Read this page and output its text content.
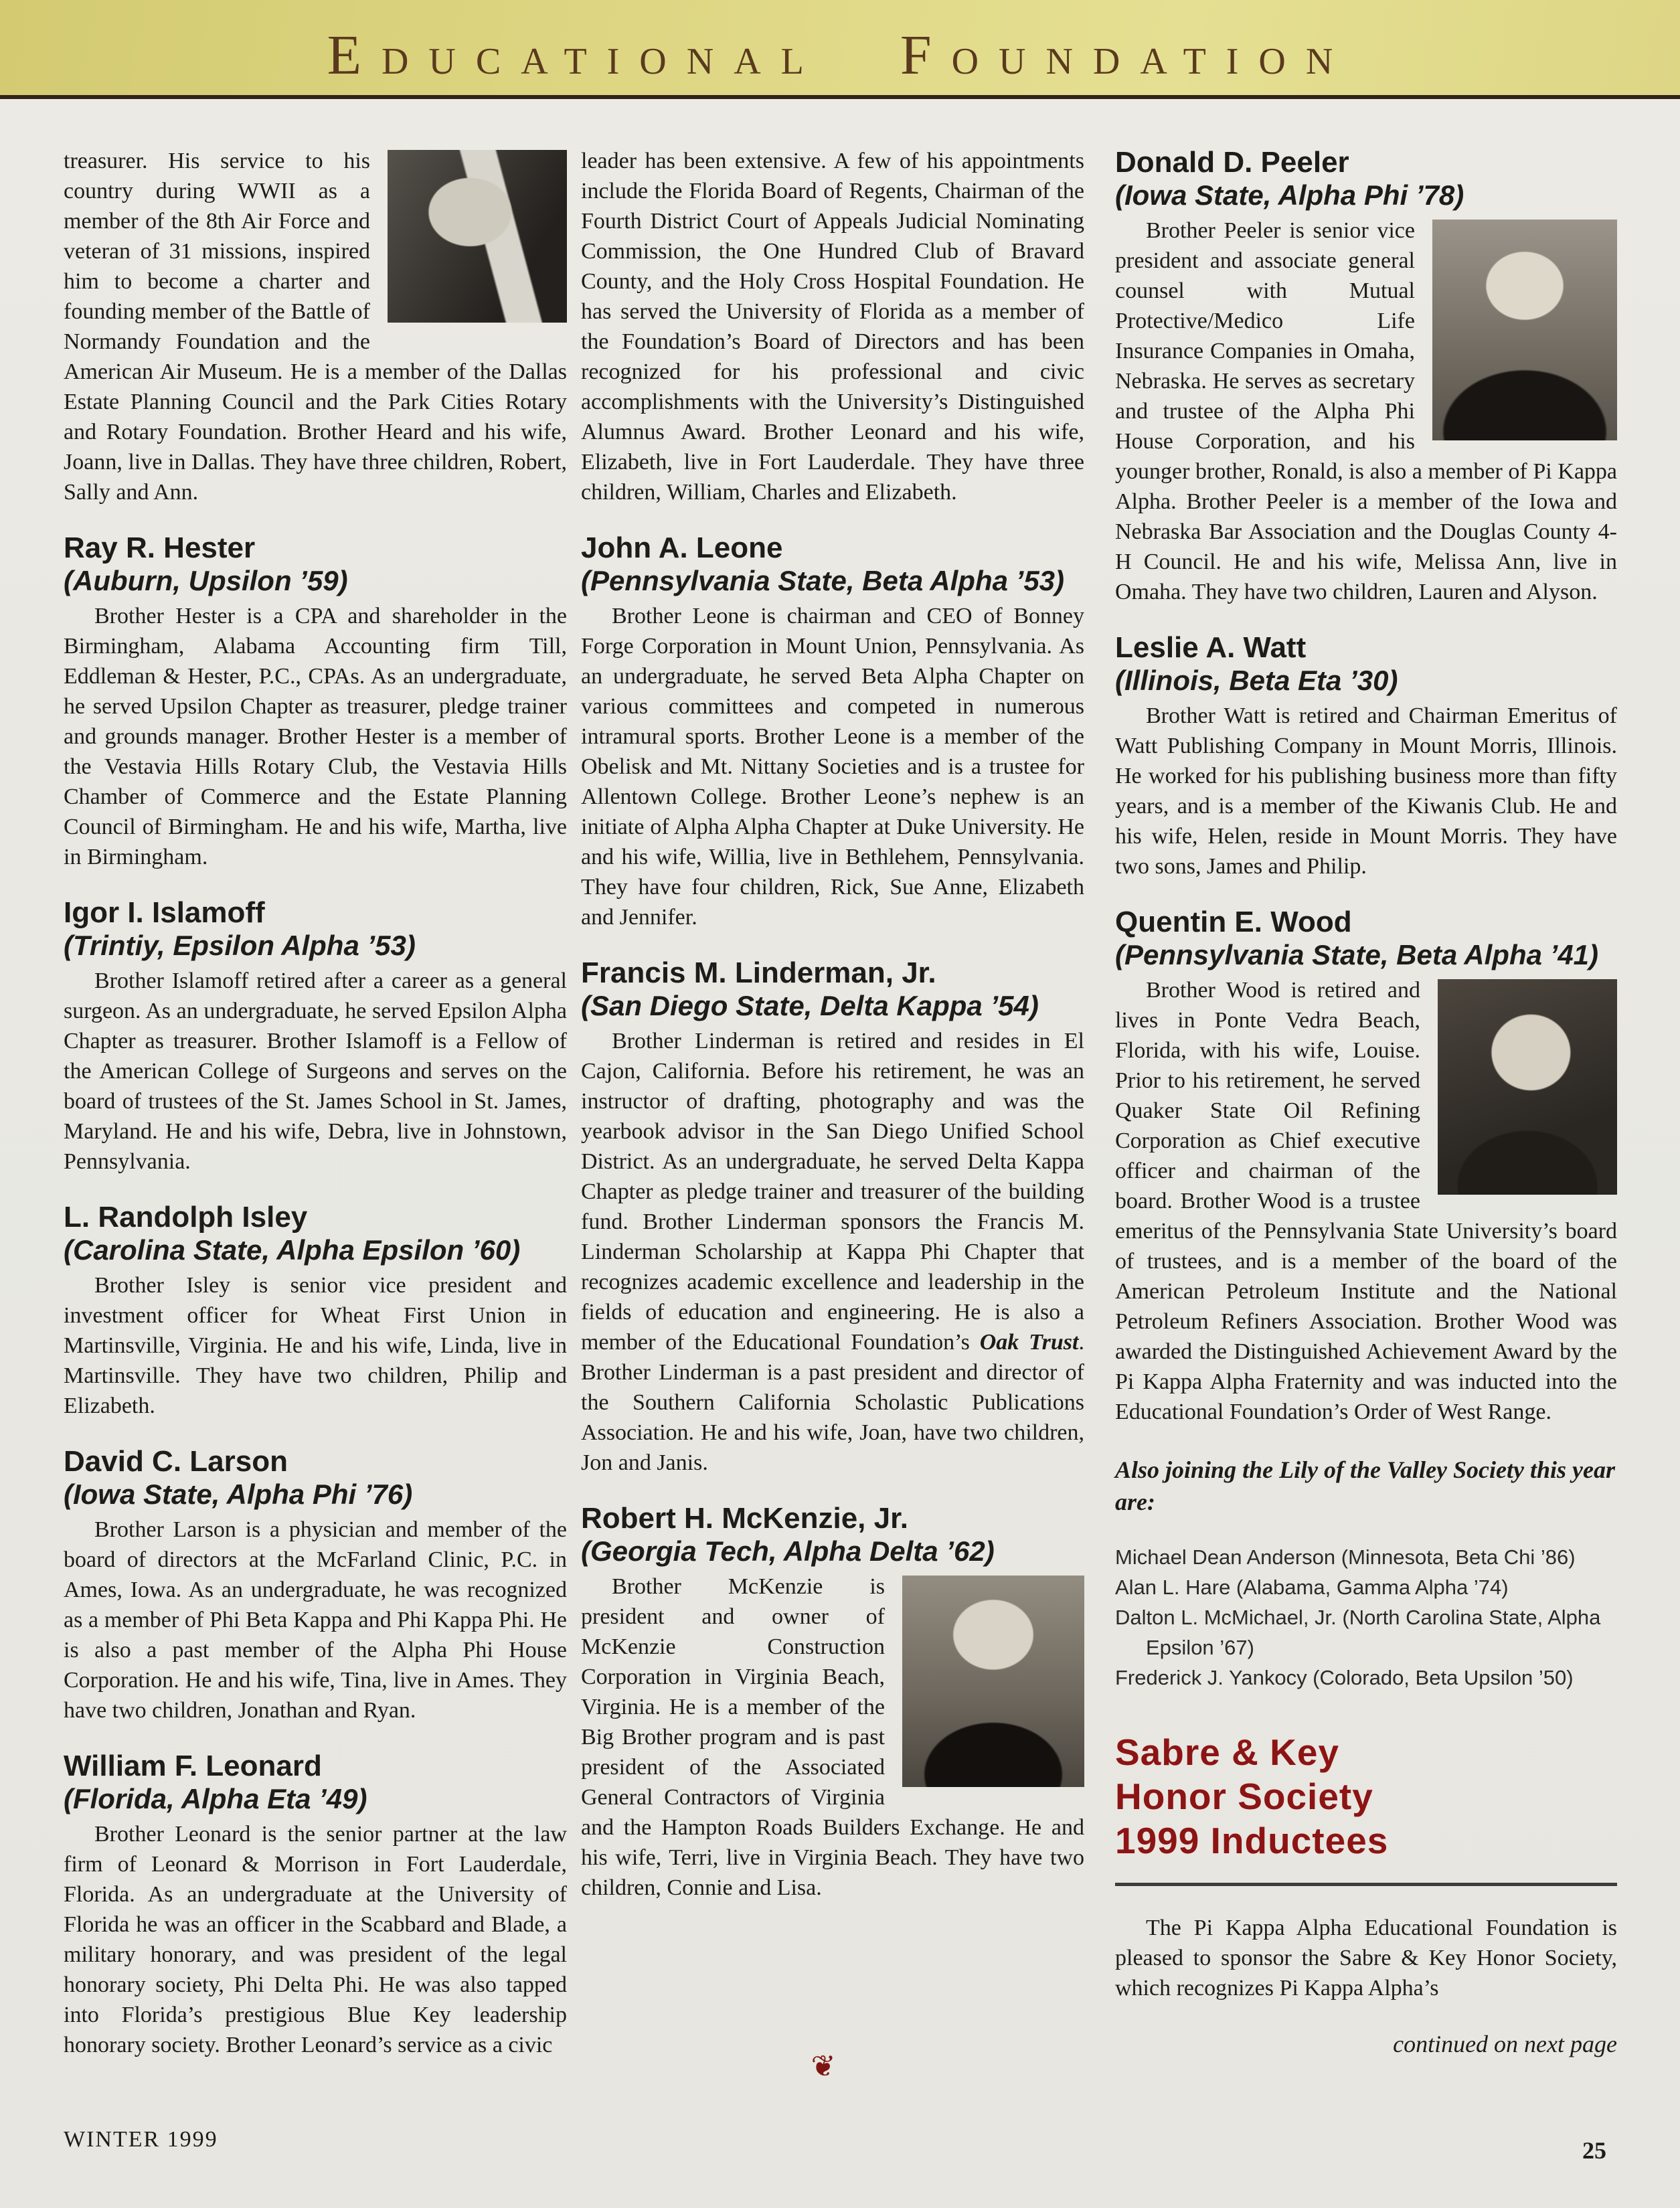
EDUCATIONAL FOUNDATION

treasurer. His service to his country during WWII as a member of the 8th Air Force and veteran of 31 missions, inspired him to become a charter and founding member of the Battle of Normandy Foundation and the American Air Museum. He is a member of the Dallas Estate Planning Council and the Park Cities Rotary and Rotary Foundation. Brother Heard and his wife, Joann, live in Dallas. They have three children, Robert, Sally and Ann.

Ray R. Hester
(Auburn, Upsilon ’59)

Brother Hester is a CPA and shareholder in the Birmingham, Alabama Accounting firm Till, Eddleman & Hester, P.C., CPAs. As an undergraduate, he served Upsilon Chapter as treasurer, pledge trainer and grounds manager. Brother Hester is a member of the Vestavia Hills Rotary Club, the Vestavia Hills Chamber of Commerce and the Estate Planning Council of Birmingham. He and his wife, Martha, live in Birmingham.

Igor I. Islamoff
(Trintiy, Epsilon Alpha ’53)

Brother Islamoff retired after a career as a general surgeon. As an undergraduate, he served Epsilon Alpha Chapter as treasurer. Brother Islamoff is a Fellow of the American College of Surgeons and serves on the board of trustees of the St. James School in St. James, Maryland. He and his wife, Debra, live in Johnstown, Pennsylvania.

L. Randolph Isley
(Carolina State, Alpha Epsilon ’60)

Brother Isley is senior vice president and investment officer for Wheat First Union in Martinsville, Virginia. He and his wife, Linda, live in Martinsville. They have two children, Philip and Elizabeth.

David C. Larson
(Iowa State, Alpha Phi ’76)

Brother Larson is a physician and member of the board of directors at the McFarland Clinic, P.C. in Ames, Iowa. As an undergraduate, he was recognized as a member of Phi Beta Kappa and Phi Kappa Phi. He is also a past member of the Alpha Phi House Corporation. He and his wife, Tina, live in Ames. They have two children, Jonathan and Ryan.

William F. Leonard
(Florida, Alpha Eta ’49)

Brother Leonard is the senior partner at the law firm of Leonard & Morrison in Fort Lauderdale, Florida. As an undergraduate at the University of Florida he was an officer in the Scabbard and Blade, a military honorary, and was president of the legal honorary society, Phi Delta Phi. He was also tapped into Florida’s prestigious Blue Key leadership honorary society. Brother Leonard’s service as a civic

leader has been extensive. A few of his appointments include the Florida Board of Regents, Chairman of the Fourth District Court of Appeals Judicial Nominating Commission, the One Hundred Club of Bravard County, and the Holy Cross Hospital Foundation. He has served the University of Florida as a member of the Foundation’s Board of Directors and has been recognized for his professional and civic accomplishments with the University’s Distinguished Alumnus Award. Brother Leonard and his wife, Elizabeth, live in Fort Lauderdale. They have three children, William, Charles and Elizabeth.

John A. Leone
(Pennsylvania State, Beta Alpha ’53)

Brother Leone is chairman and CEO of Bonney Forge Corporation in Mount Union, Pennsylvania. As an undergraduate, he served Beta Alpha Chapter on various committees and competed in numerous intramural sports. Brother Leone is a member of the Obelisk and Mt. Nittany Societies and is a trustee for Allentown College. Brother Leone’s nephew is an initiate of Alpha Alpha Chapter at Duke University. He and his wife, Willia, live in Bethlehem, Pennsylvania. They have four children, Rick, Sue Anne, Elizabeth and Jennifer.

Francis M. Linderman, Jr.
(San Diego State, Delta Kappa ’54)

Brother Linderman is retired and resides in El Cajon, California. Before his retirement, he was an instructor of drafting, photography and was the yearbook advisor in the San Diego Unified School District. As an undergraduate, he served Delta Kappa Chapter as pledge trainer and treasurer of the building fund. Brother Linderman sponsors the Francis M. Linderman Scholarship at Kappa Phi Chapter that recognizes academic excellence and leadership in the fields of education and engineering. He is also a member of the Educational Foundation’s Oak Trust. Brother Linderman is a past president and director of the Southern California Scholastic Publications Association. He and his wife, Joan, have two children, Jon and Janis.

Robert H. McKenzie, Jr.
(Georgia Tech, Alpha Delta ’62)

Brother McKenzie is president and owner of McKenzie Construction Corporation in Virginia Beach, Virginia. He is a member of the Big Brother program and is past president of the Associated General Contractors of Virginia and the Hampton Roads Builders Exchange. He and his wife, Terri, live in Virginia Beach. They have two children, Connie and Lisa.

Donald D. Peeler
(Iowa State, Alpha Phi ’78)

Brother Peeler is senior vice president and associate general counsel with Mutual Protective/Medico Life Insurance Companies in Omaha, Nebraska. He serves as secretary and trustee of the Alpha Phi House Corporation, and his younger brother, Ronald, is also a member of Pi Kappa Alpha. Brother Peeler is a member of the Iowa and Nebraska Bar Association and the Douglas County 4-H Council. He and his wife, Melissa Ann, live in Omaha. They have two children, Lauren and Alyson.

Leslie A. Watt
(Illinois, Beta Eta ’30)

Brother Watt is retired and Chairman Emeritus of Watt Publishing Company in Mount Morris, Illinois. He worked for his publishing business more than fifty years, and is a member of the Kiwanis Club. He and his wife, Helen, reside in Mount Morris. They have two sons, James and Philip.

Quentin E. Wood
(Pennsylvania State, Beta Alpha ’41)

Brother Wood is retired and lives in Ponte Vedra Beach, Florida, with his wife, Louise. Prior to his retirement, he served Quaker State Oil Refining Corporation as Chief executive officer and chairman of the board. Brother Wood is a trustee emeritus of the Pennsylvania State University’s board of trustees, and is a member of the board of the American Petroleum Institute and the National Petroleum Refiners Association. Brother Wood was awarded the Distinguished Achievement Award by the Pi Kappa Alpha Fraternity and was inducted into the Educational Foundation’s Order of West Range.

Also joining the Lily of the Valley Society this year are:

Michael Dean Anderson (Minnesota, Beta Chi ’86)
Alan L. Hare (Alabama, Gamma Alpha ’74)
Dalton L. McMichael, Jr. (North Carolina State, Alpha Epsilon ’67)
Frederick J. Yankocy (Colorado, Beta Upsilon ’50)
Sabre & Key
Honor Society
1999 Inductees

The Pi Kappa Alpha Educational Foundation is pleased to sponsor the Sabre & Key Honor Society, which recognizes Pi Kappa Alpha’s

continued on next page

❦
WINTER 1999	25
